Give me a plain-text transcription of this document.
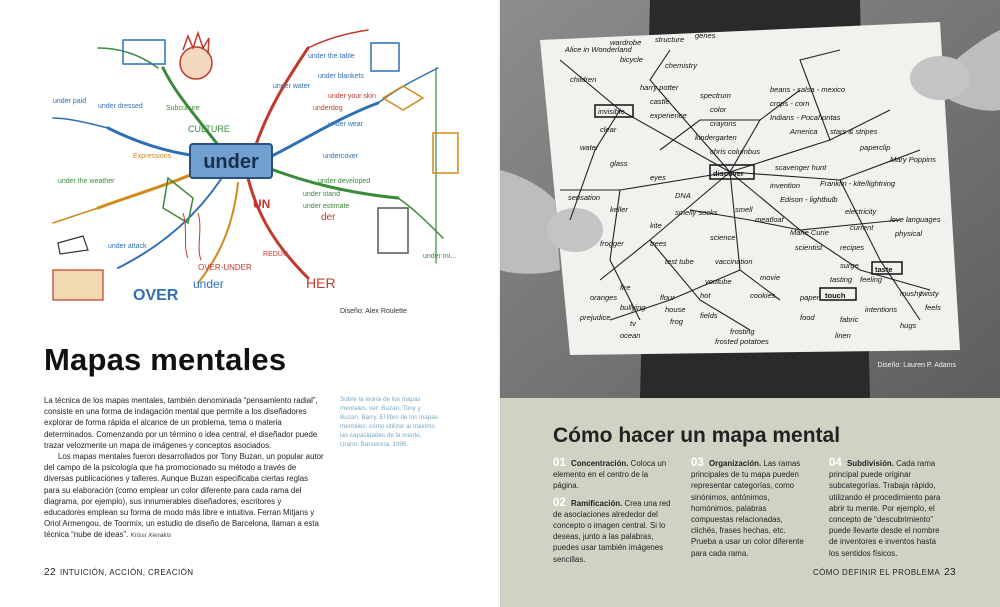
under
Subculture
CULTURE
under water
under blankets
under the weather
under attack
under paid
under dressed
under your skin
under wear
underdog
undercover
under developed
under stand
under estimate
Expressions
OVER-UNDER
OVER
under
UN
der
REDUU
HER
under the table
under mi...
Diseño: Alex Roulette
Mapas mentales

La técnica de los mapas mentales, también denominada “pensamiento radial”, consiste en una forma de indagación mental que permite a los diseñadores explorar de forma rápida el alcance de un problema, tema o materia determinados. Comenzando por un término o idea central, el diseñador puede trazar velozmente un mapa de imágenes y conceptos asociados.

Los mapas mentales fueron desarrollados por Tony Buzan, un popular autor del campo de la psicología que ha promocionado su método a través de diversas publicaciones y talleres. Aunque Buzan especificaba ciertas reglas para su elaboración (como emplear un color diferente para cada rama del diagrama, por ejemplo), sus innumerables diseñadores, escritores y educadores emplean su forma de modo más libre e intuitiva. Ferran Mitjans y Oriol Armengou, de Toormix, un estudio de diseño de Barcelona, llaman a esta técnica “nube de ideas”. Krissi Xenakis

Sobre la teoría de los mapas mentales, ver: Buzan, Tony y Buzan, Barry. El libro de los mapas mentales: cómo utilizar al máximo las capacidades de la mente, Urano, Barcelona, 1996.
22 INTUICIÓN, ACCIÓN, CREACIÓN
Alice in Wonderland
wardrobe structure genes
bicycle
chemistry
children
harry potter
castle
spectrum
invisible	experience
color
crayons
kindergarten
water
clear
glass
beans - salsa - mexico
crops - corn
Indians - Pocahontas
America stars & stripes
paperclip
Mary Poppins
chris columbus
discover
scavenger hunt
invention	Franklin - kite/lightning
Edison - lightbulb
electricity
love languages
current
physical
smell
sensation
keller
DNA
eyes
smelly socks
meatloaf
kite
science
Marie Curie
frogger	trees
test tube	vaccination
scientist recipes
surge
tasting feeling
touch
taste
food	fabric
fire
flour
house
bullying
prejudice
youtube	movie
hot	cookies	paper
linen
fields
tv	frog
oranges
ocean	frosting
frosted potatoes
hugs
intentions
mushy
feels
twisty
Diseño: Lauren P. Adams
Cómo hacer un mapa mental
01 Concentración. Coloca un elemento en el centro de la página.
02 Ramificación. Crea una red de asociaciones alrededor del concepto o imagen central. Si lo deseas, junto a las palabras, puedes usar también imágenes sencillas.
03 Organización. Las ramas principales de tu mapa pueden representar categorías, como sinónimos, antónimos, homónimos, palabras compuestas relacionadas, clichés, frases hechas, etc. Prueba a usar un color diferente para cada rama.
04 Subdivisión. Cada rama principal puede originar subcategorías. Trabaja rápido, utilizando el procedimiento para abrir tu mente. Por ejemplo, el concepto de “descubrimiento” puede llevarte desde el nombre de inventores e inventos hasta los sentidos físicos.
CÓMO DEFINIR EL PROBLEMA 23
